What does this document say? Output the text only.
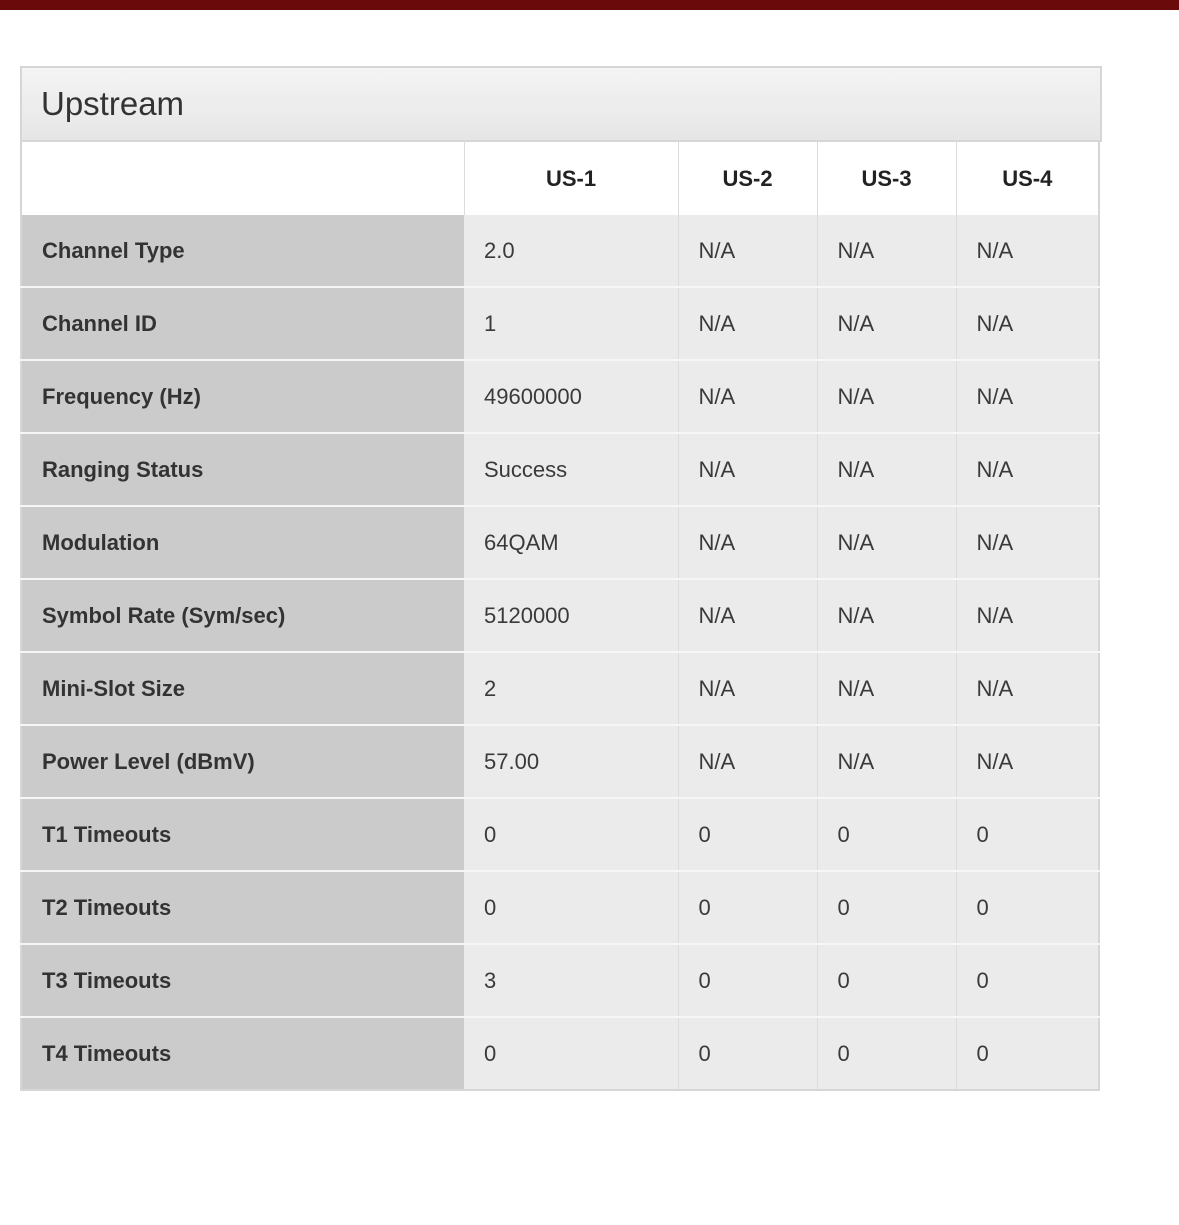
Upstream
	US-1	US-2	US-3	US-4
Channel Type	2.0	N/A	N/A	N/A
Channel ID	1	N/A	N/A	N/A
Frequency (Hz)	49600000	N/A	N/A	N/A
Ranging Status	Success	N/A	N/A	N/A
Modulation	64QAM	N/A	N/A	N/A
Symbol Rate (Sym/sec)	5120000	N/A	N/A	N/A
Mini-Slot Size	2	N/A	N/A	N/A
Power Level (dBmV)	57.00	N/A	N/A	N/A
T1 Timeouts	0	0	0	0
T2 Timeouts	0	0	0	0
T3 Timeouts	3	0	0	0
T4 Timeouts	0	0	0	0
